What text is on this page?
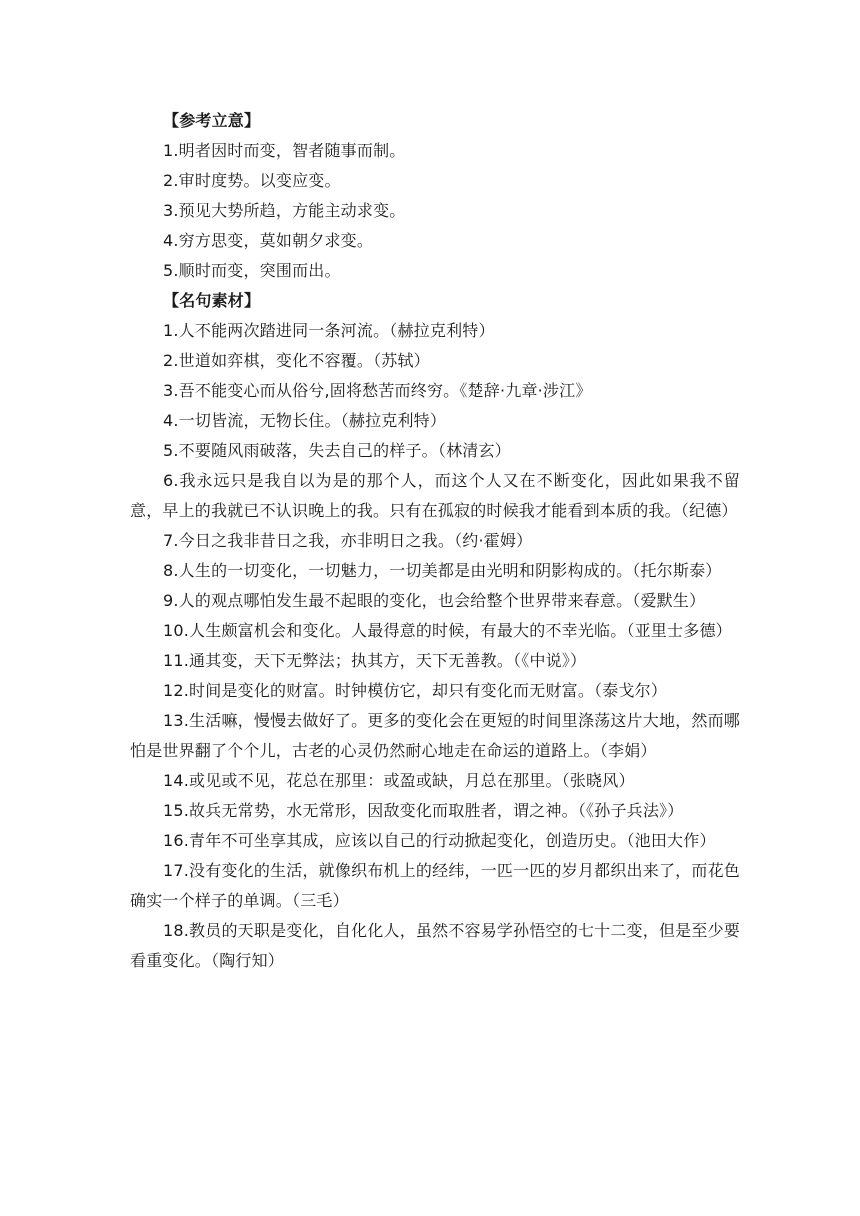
【参考立意】

1.明者因时而变，智者随事而制。

2.审时度势。以变应变。

3.预见大势所趋，方能主动求变。

4.穷方思变，莫如朝夕求变。

5.顺时而变，突围而出。

【名句素材】

1.人不能两次踏进同一条河流。（赫拉克利特）

2.世道如弈棋，变化不容覆。（苏轼）

3.吾不能变心而从俗兮,固将愁苦而终穷。《楚辞·九章·涉江》

4.一切皆流，无物长住。（赫拉克利特）

5.不要随风雨破落，失去自己的样子。（林清玄）

6.我永远只是我自以为是的那个人，而这个人又在不断变化，因此如果我不留意，早上的我就已不认识晚上的我。只有在孤寂的时候我才能看到本质的我。（纪德）

7.今日之我非昔日之我，亦非明日之我。（约·霍姆）

8.人生的一切变化，一切魅力，一切美都是由光明和阴影构成的。（托尔斯泰）

9.人的观点哪怕发生最不起眼的变化，也会给整个世界带来春意。（爱默生）

10.人生颇富机会和变化。人最得意的时候，有最大的不幸光临。（亚里士多德）

11.通其变，天下无弊法；执其方，天下无善教。（《中说》）

12.时间是变化的财富。时钟模仿它，却只有变化而无财富。（泰戈尔）

13.生活嘛，慢慢去做好了。更多的变化会在更短的时间里涤荡这片大地，然而哪怕是世界翻了个个儿，古老的心灵仍然耐心地走在命运的道路上。（李娟）

14.或见或不见，花总在那里：或盈或缺，月总在那里。（张晓风）

15.故兵无常势，水无常形，因敌变化而取胜者，谓之神。（《孙子兵法》）

16.青年不可坐享其成，应该以自己的行动掀起变化，创造历史。（池田大作）

17.没有变化的生活，就像织布机上的经纬，一匹一匹的岁月都织出来了，而花色确实一个样子的单调。（三毛）

18.教员的天职是变化，自化化人，虽然不容易学孙悟空的七十二变，但是至少要看重变化。（陶行知）
